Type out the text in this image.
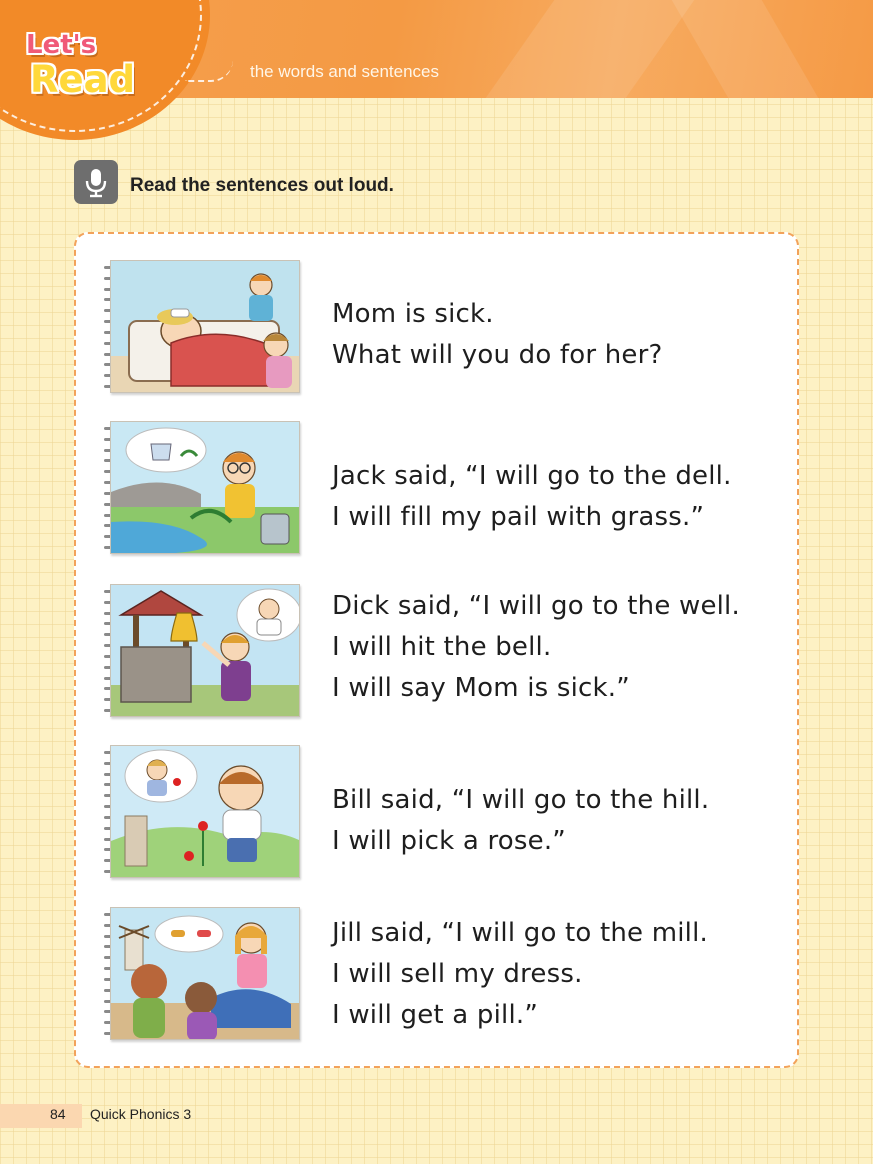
Let's
Read	the words and sentences
Read the sentences out loud.
Mom is sick.
What will you do for her?
Jack said, “I will go to the dell.
I will fill my pail with grass.”
Dick said, “I will go to the well.
I will hit the bell.
I will say Mom is sick.”
Bill said, “I will go to the hill.
I will pick a rose.”
Jill said, “I will go to the mill.
I will sell my dress.
I will get a pill.”
84 Quick Phonics 3
